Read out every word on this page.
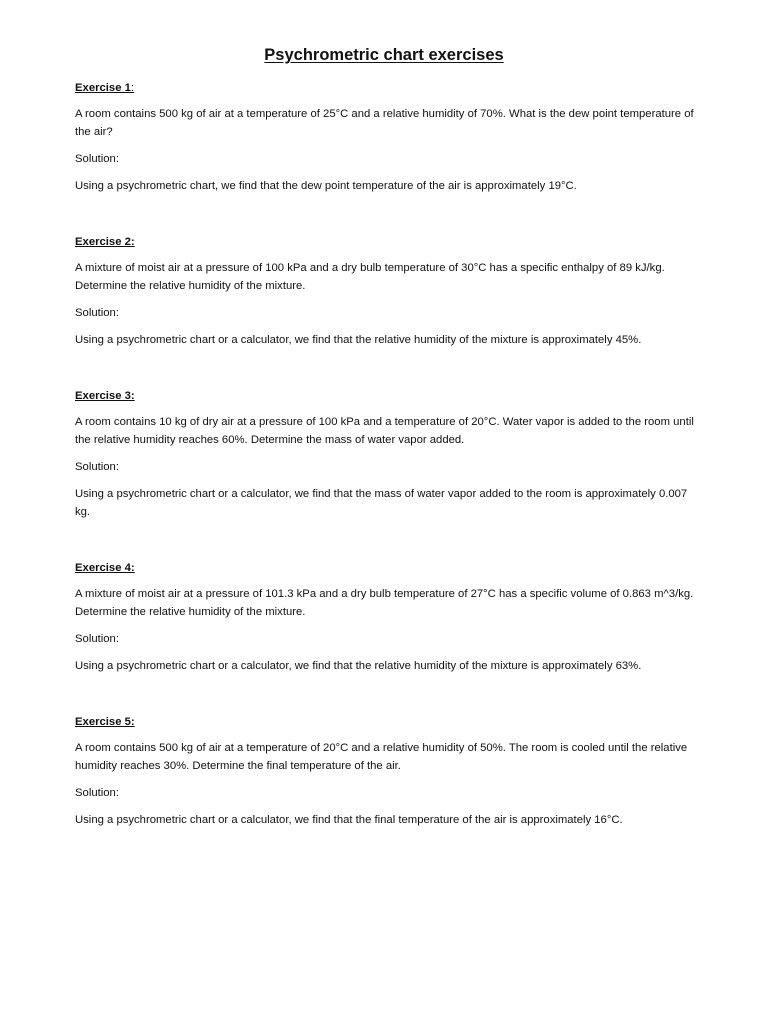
Psychrometric chart exercises
Exercise 1:

A room contains 500 kg of air at a temperature of 25°C and a relative humidity of 70%. What is the dew point temperature of the air?

Solution:

Using a psychrometric chart, we find that the dew point temperature of the air is approximately 19°C.

Exercise 2:

A mixture of moist air at a pressure of 100 kPa and a dry bulb temperature of 30°C has a specific enthalpy of 89 kJ/kg. Determine the relative humidity of the mixture.

Solution:

Using a psychrometric chart or a calculator, we find that the relative humidity of the mixture is approximately 45%.

Exercise 3:

A room contains 10 kg of dry air at a pressure of 100 kPa and a temperature of 20°C. Water vapor is added to the room until the relative humidity reaches 60%. Determine the mass of water vapor added.

Solution:

Using a psychrometric chart or a calculator, we find that the mass of water vapor added to the room is approximately 0.007 kg.

Exercise 4:

A mixture of moist air at a pressure of 101.3 kPa and a dry bulb temperature of 27°C has a specific volume of 0.863 m^3/kg. Determine the relative humidity of the mixture.

Solution:

Using a psychrometric chart or a calculator, we find that the relative humidity of the mixture is approximately 63%.

Exercise 5:

A room contains 500 kg of air at a temperature of 20°C and a relative humidity of 50%. The room is cooled until the relative humidity reaches 30%. Determine the final temperature of the air.

Solution:

Using a psychrometric chart or a calculator, we find that the final temperature of the air is approximately 16°C.
